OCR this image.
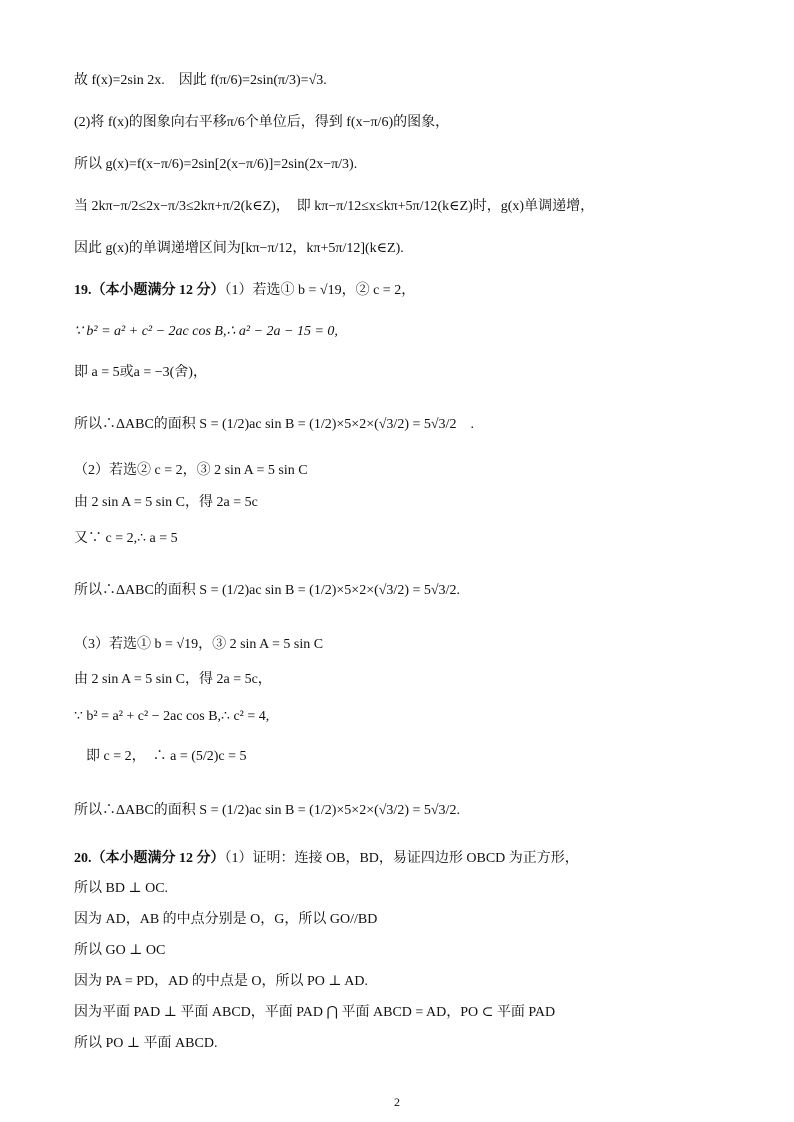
故 f(x)=2sin 2x.　因此 f(π/6)=2sin(π/3)=√3.
(2)将 f(x)的图象向右平移π/6个单位后，得到 f(x−π/6)的图象，
所以 g(x)=f(x−π/6)=2sin[2(x−π/6)]=2sin(2x−π/3).
当 2kπ−π/2≤2x−π/3≤2kπ+π/2(k∈Z)，　即 kπ−π/12≤x≤kπ+5π/12(k∈Z)时，g(x)单调递增，
因此 g(x)的单调递增区间为[kπ−π/12，kπ+5π/12](k∈Z).
19.（本小题满分 12 分）（1）若选① b = √19，② c = 2，
∵ b² = a² + c² − 2ac cos B,∴ a² − 2a − 15 = 0,
即 a = 5或a = −3(舍)，
所以∴ΔABC的面积 S = (1/2)ac sin B = (1/2)×5×2×(√3/2) = 5√3/2　.
（2）若选② c = 2，③ 2 sin A = 5 sin C
由 2 sin A = 5 sin C，得 2a = 5c
又∵ c = 2,∴ a = 5
所以∴ΔABC的面积 S = (1/2)ac sin B = (1/2)×5×2×(√3/2) = 5√3/2.
（3）若选① b = √19，③ 2 sin A = 5 sin C
由 2 sin A = 5 sin C，得 2a = 5c，
∵ b² = a² + c² − 2ac cos B,∴ c² = 4,
即 c = 2，　∴ a = (5/2)c = 5
所以∴ΔABC的面积 S = (1/2)ac sin B = (1/2)×5×2×(√3/2) = 5√3/2.
20.（本小题满分 12 分）（1）证明：连接 OB，BD，易证四边形 OBCD 为正方形，
所以 BD ⊥ OC.
因为 AD，AB 的中点分别是 O，G，所以 GO//BD
所以 GO ⊥ OC
因为 PA = PD，AD 的中点是 O，所以 PO ⊥ AD.
因为平面 PAD ⊥ 平面 ABCD，平面 PAD ⋂ 平面 ABCD = AD，PO ⊂ 平面 PAD
所以 PO ⊥ 平面 ABCD.
2
